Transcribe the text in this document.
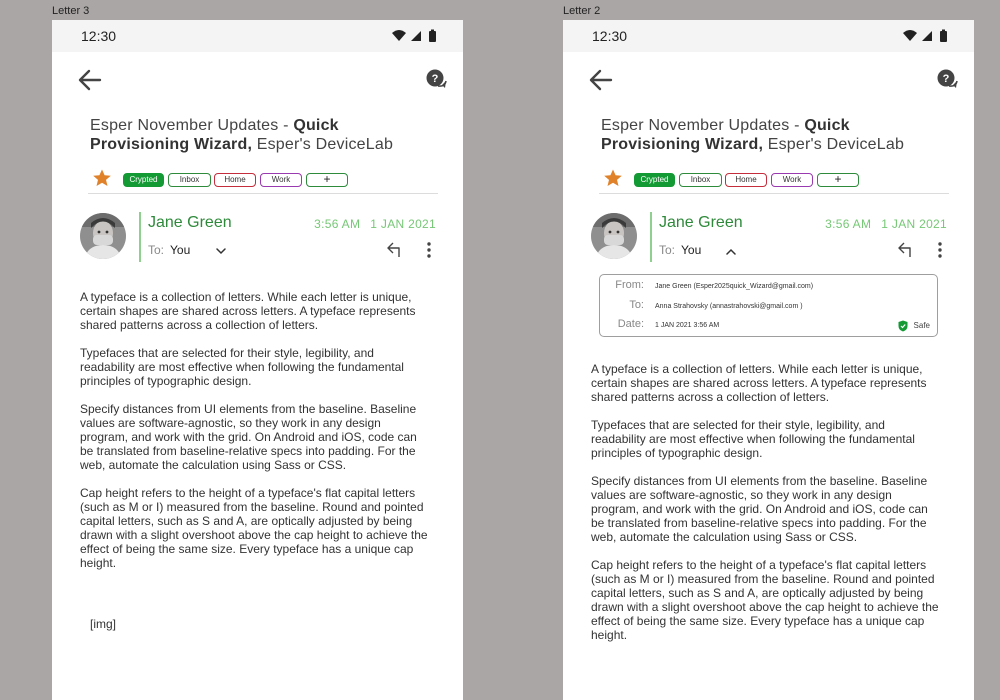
Letter 3	Letter 2
12:30
?
Esper November Updates - Quick Provisioning Wizard, Esper's DeviceLab
Crypted	Inbox	Home	Work	+
Jane Green	3:56 AM 1 JAN 2021
To: You

A typeface is a collection of letters. While each letter is unique, certain shapes are shared across letters. A typeface represents shared patterns across a collection of letters.

Typefaces that are selected for their style, legibility, and readability are most effective when following the fundamental principles of typographic design.

Specify distances from UI elements from the baseline. Baseline values are software-agnostic, so they work in any design program, and work with the grid. On Android and iOS, code can be translated from baseline-relative specs into padding. For the web, automate the calculation using Sass or CSS.

Cap height refers to the height of a typeface's flat capital letters (such as M or I) measured from the baseline. Round and pointed capital letters, such as S and A, are optically adjusted by being drawn with a slight overshoot above the cap height to achieve the effect of being the same size. Every typeface has a unique cap height.

[img]
12:30
?
Esper November Updates - Quick Provisioning Wizard, Esper's DeviceLab
Crypted	Inbox	Home	Work	+
Jane Green	3:56 AM 1 JAN 2021
To: You
From: Jane Green (Esper2025quick_Wizard@gmail.com)
To: Anna Strahovsky (annastrahovski@gmail.com )
Date: 1 JAN 2021 3:56 AM	Safe

A typeface is a collection of letters. While each letter is unique, certain shapes are shared across letters. A typeface represents shared patterns across a collection of letters.

Typefaces that are selected for their style, legibility, and readability are most effective when following the fundamental principles of typographic design.

Specify distances from UI elements from the baseline. Baseline values are software-agnostic, so they work in any design program, and work with the grid. On Android and iOS, code can be translated from baseline-relative specs into padding. For the web, automate the calculation using Sass or CSS.

Cap height refers to the height of a typeface's flat capital letters (such as M or I) measured from the baseline. Round and pointed capital letters, such as S and A, are optically adjusted by being drawn with a slight overshoot above the cap height to achieve the effect of being the same size. Every typeface has a unique cap height.
